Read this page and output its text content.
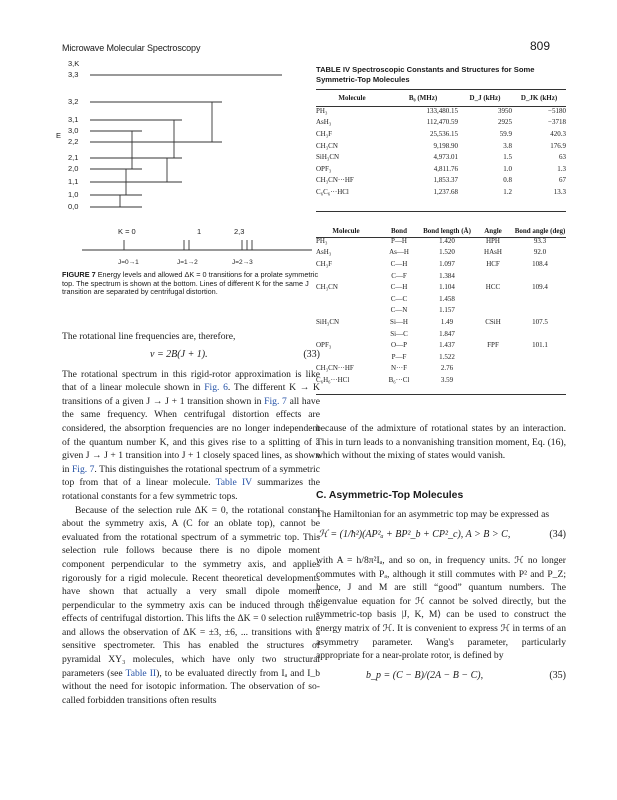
Microwave Molecular Spectroscopy	809
3,K
3,3
3,2
3,1
3,0
2,2
2,1
2,0
1,1
1,0
0,0
E
K = 0	1	2,3
J=0→1	J=1→2	J=2→3
FIGURE 7 Energy levels and allowed ΔK = 0 transitions for a prolate symmetric top. The spectrum is shown at the bottom. Lines of different K for the same J transition are separated by centrifugal distortion.

The rotational line frequencies are, therefore,

ν = 2B(J + 1).	(33)

The rotational spectrum in this rigid-rotor approximation is like that of a linear molecule shown in Fig. 6. The different K → K transitions of a given J → J + 1 transition shown in Fig. 7 all have the same frequency. When centrifugal distortion effects are considered, the absorption frequencies are no longer independent of the quantum number K, and this gives rise to a splitting of a given J → J + 1 transition into J + 1 closely spaced lines, as shown in Fig. 7. This distinguishes the rotational spectrum of a symmetric top from that of a linear molecule. Table IV summarizes the rotational constants for a few symmetric tops.

Because of the selection rule ΔK = 0, the rotational constant about the symmetry axis, A (C for an oblate top), cannot be evaluated from the rotational spectrum of a symmetric top. This selection rule follows because there is no dipole moment component perpendicular to the symmetry axis, and applies rigorously for a rigid molecule. Recent theoretical developments have shown that actually a very small dipole moment perpendicular to the symmetry axis can be induced through the effects of centrifugal distortion. This lifts the ΔK = 0 selection rule and allows the observation of ΔK = ±3, ±6, ... transitions with a sensitive spectrometer. This has enabled the structures of pyramidal XY₃ molecules, which have only two structural parameters (see Table II), to be evaluated directly from Iₐ and I_b without the need for isotopic information. The observation of so-called forbidden transitions often results

TABLE IV Spectroscopic Constants and Structures for Some Symmetric-Top Molecules
Molecule	B₀ (MHz)	D_J (kHz)	D_JK (kHz)
PH₃	133,480.15	3950	−5180
AsH₃	112,470.59	2925	−3718
CH₃F	25,536.15	59.9	420.3
CH₃CN	9,198.90	3.8	176.9
SiH₃CN	4,973.01	1.5	63
OPF₃	4,811.76	1.0	1.3
CH₃CN···HF	1,853.37	0.8	67
C₆C₆···HCl	1,237.68	1.2	13.3
Molecule	Bond	Bond length (Å)	Angle	Bond angle (deg)
PH₃	P—H	1.420	HPH	93.3
AsH₃	As—H	1.520	HAsH	92.0
CH₃F	C—H	1.097	HCF	108.4
	C—F	1.384		
CH₃CN	C—H	1.104	HCC	109.4
	C—C	1.458		
	C—N	1.157		
SiH₃CN	Si—H	1.49	CSiH	107.5
	Si—C	1.847		
OPF₃	O—P	1.437	FPF	101.1
	P—F	1.522		
CH₃CN···HF	N···F	2.76		
C₆H₆···HCl	B₆···Cl	3.59		

because of the admixture of rotational states by an interaction. This in turn leads to a nonvanishing transition moment, Eq. (16), which without the mixing of states would vanish.

C. Asymmetric-Top Molecules

The Hamiltonian for an asymmetric top may be expressed as

ℋ = (1/ħ²)(AP²ₐ + BP²_b + CP²_c), A > B > C,	(34)

with A = h/8π²Iₐ, and so on, in frequency units. ℋ no longer commutes with Pₐ, although it still commutes with P² and P_Z; hence, J and M are still “good” quantum numbers. The eigenvalue equation for ℋ cannot be solved directly, but the symmetric-top basis |J, K, M⟩ can be used to construct the energy matrix of ℋ. It is convenient to express ℋ in terms of an asymmetry parameter. Wang's parameter, particularly appropriate for a near-prolate rotor, is defined by

b_p = (C − B)/(2A − B − C),	(35)
